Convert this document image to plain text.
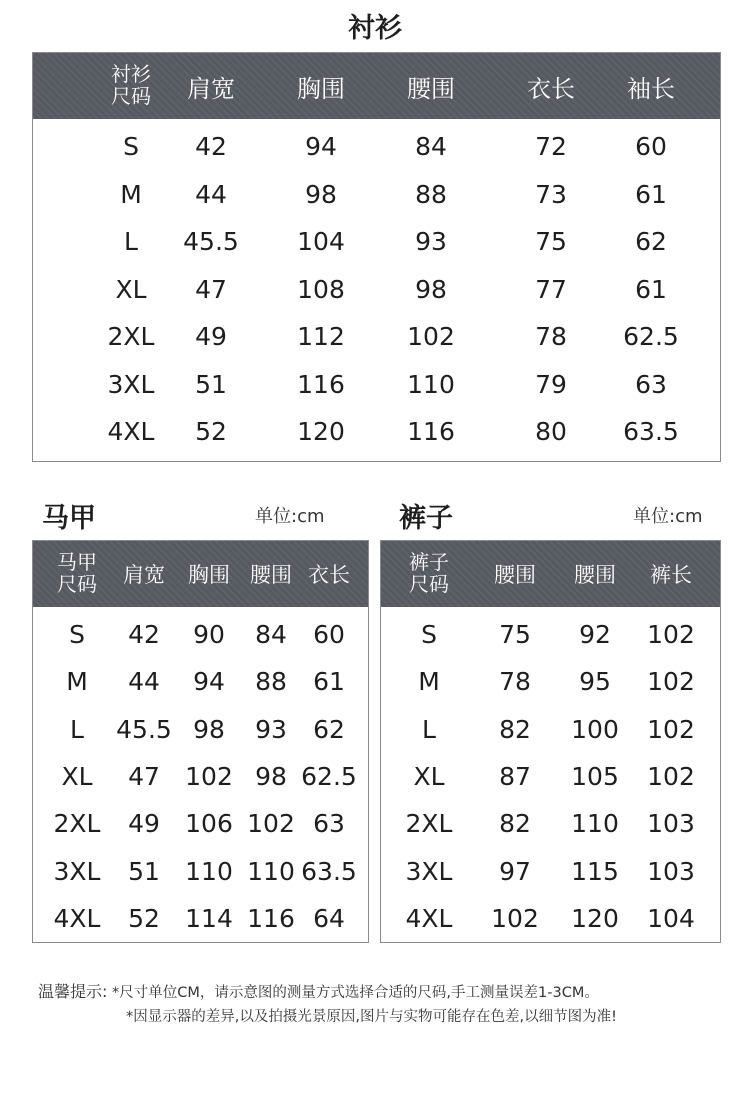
衬衫
衬衫
尺码 肩宽	胸围	腰围	衣长 袖长
S	42	94	84	72	60
M	44	98	88	73	61
L	45.5	104	93	75	62
XL	47	108	98	77	61
2XL	49	112	102	78	62.5
3XL	51	116	110	79	63
4XL	52	120	116	80	63.5
马甲	单位:cm
马甲
尺码 肩宽 胸围 腰围 衣长
S	42	90	84	60
M	44	94	88	61
L	45.5 98	93	62
XL	47	102 98 62.5
2XL	49	106 102 63
3XL	51	110 110 63.5
4XL	52	114 116 64
裤子	单位:cm
裤子
尺码 腰围 腰围 裤长
S	75	92	102
M	78	95	102
L	82	100	102
XL	87	105	102
2XL	82	110	103
3XL	97	115	103
4XL	102	120	104
温馨提示: *尺寸单位CM，请示意图的测量方式选择合适的尺码,手工测量误差1-3CM。
*因显示器的差异,以及拍摄光景原因,图片与实物可能存在色差,以细节图为准!
